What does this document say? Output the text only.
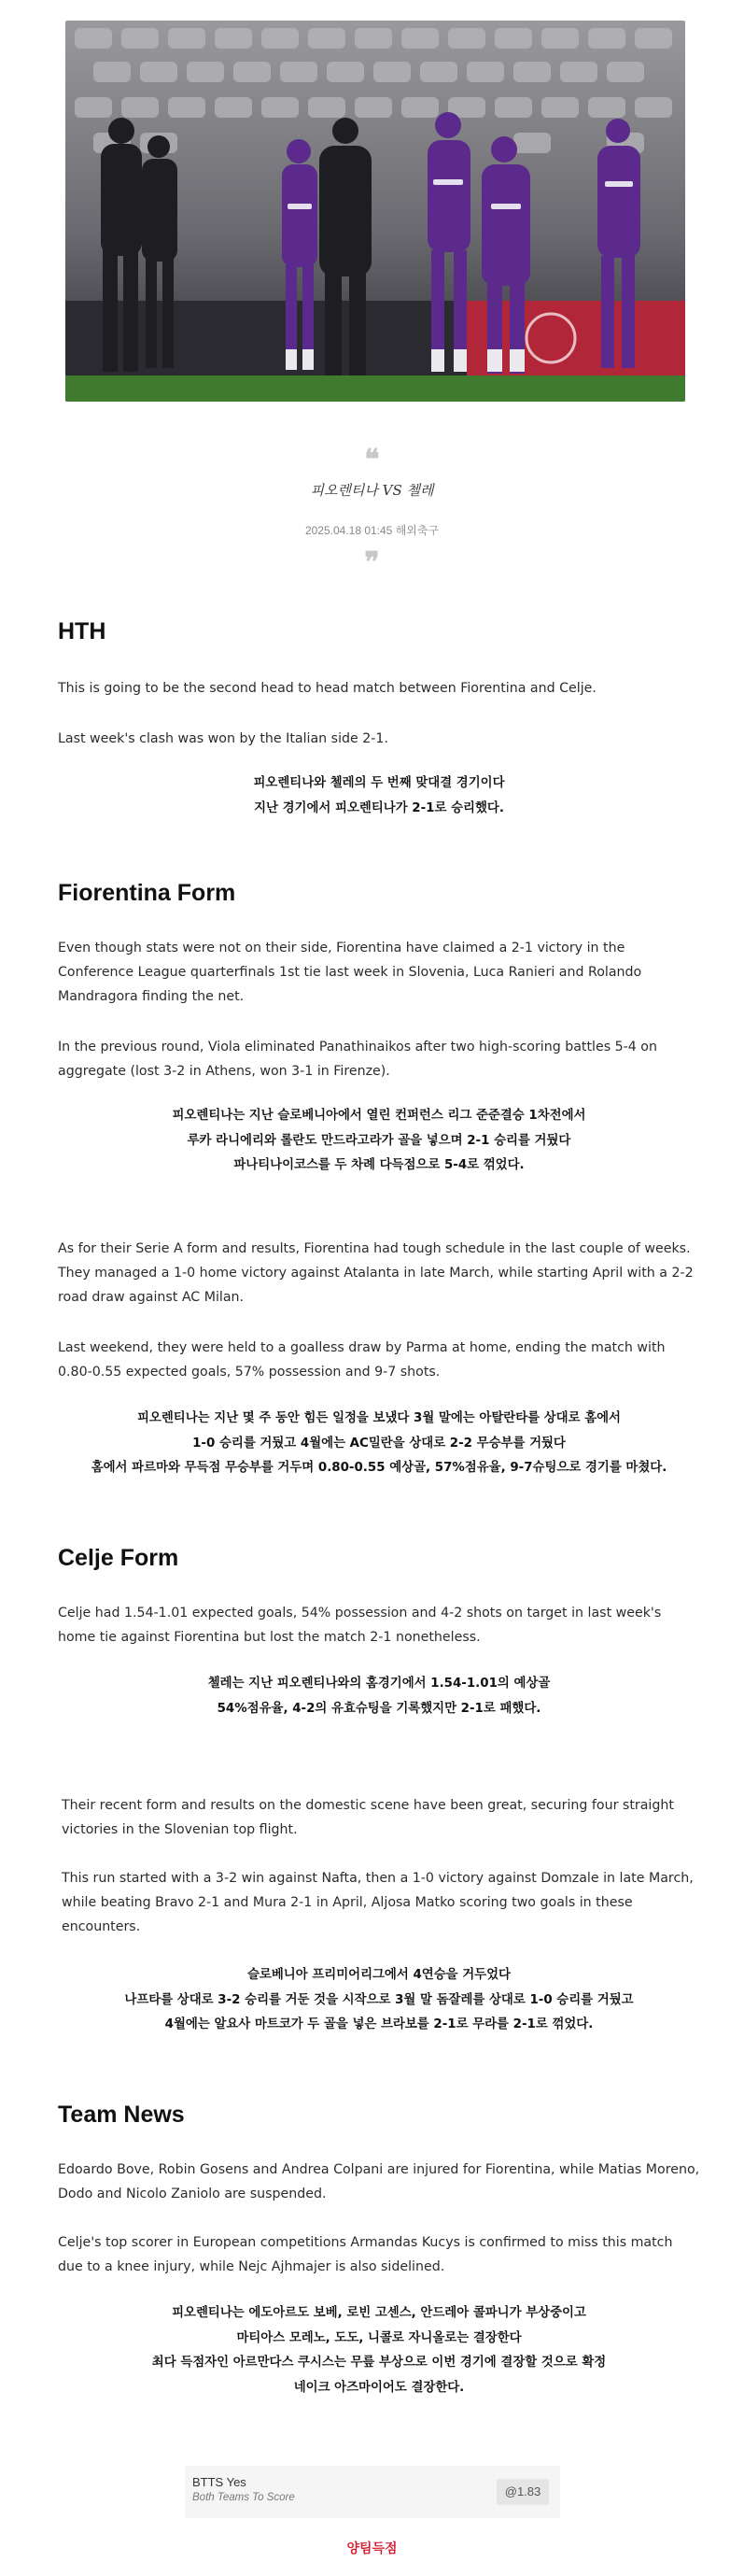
❝
피오렌티나 VS 첼레
2025.04.18 01:45 해외축구
❞
HTH

This is going to be the second head to head match between Fiorentina and Celje.

Last week's clash was won by the Italian side 2-1.

피오렌티나와 첼레의 두 번째 맞대결 경기이다

지난 경기에서 피오렌티나가 2-1로 승리했다.

Fiorentina Form

Even though stats were not on their side, Fiorentina have claimed a 2-1 victory in the Conference League quarterfinals 1st tie last week in Slovenia, Luca Ranieri and Rolando Mandragora finding the net.

In the previous round, Viola eliminated Panathinaikos after two high-scoring battles 5-4 on aggregate (lost 3-2 in Athens, won 3-1 in Firenze).

피오렌티나는 지난 슬로베니아에서 열린 컨퍼런스 리그 준준결승 1차전에서

루카 라니에리와 롤란도 만드라고라가 골을 넣으며 2-1 승리를 거뒀다

파나티나이코스를 두 차례 다득점으로 5-4로 꺾었다.

As for their Serie A form and results, Fiorentina had tough schedule in the last couple of weeks. They managed a 1-0 home victory against Atalanta in late March, while starting April with a 2-2 road draw against AC Milan.

Last weekend, they were held to a goalless draw by Parma at home, ending the match with 0.80-0.55 expected goals, 57% possession and 9-7 shots.

피오렌티나는 지난 몇 주 동안 힘든 일정을 보냈다 3월 말에는 아탈란타를 상대로 홈에서

1-0 승리를 거뒀고 4월에는 AC밀란을 상대로 2-2 무승부를 거뒀다

홈에서 파르마와 무득점 무승부를 거두며 0.80-0.55 예상골, 57%점유율, 9-7슈팅으로 경기를 마쳤다.

Celje Form

Celje had 1.54-1.01 expected goals, 54% possession and 4-2 shots on target in last week's home tie against Fiorentina but lost the match 2-1 nonetheless.

첼레는 지난 피오렌티나와의 홈경기에서 1.54-1.01의 예상골

54%점유율, 4-2의 유효슈팅을 기록했지만 2-1로 패했다.

Their recent form and results on the domestic scene have been great, securing four straight victories in the Slovenian top flight.

This run started with a 3-2 win against Nafta, then a 1-0 victory against Domzale in late March, while beating Bravo 2-1 and Mura 2-1 in April, Aljosa Matko scoring two goals in these encounters.

슬로베니아 프리미어리그에서 4연승을 거두었다

나프타를 상대로 3-2 승리를 거둔 것을 시작으로 3월 말 돔잘레를 상대로 1-0 승리를 거뒀고

4월에는 알요사 마트코가 두 골을 넣은 브라보를 2-1로 무라를 2-1로 꺾었다.

Team News

Edoardo Bove, Robin Gosens and Andrea Colpani are injured for Fiorentina, while Matias Moreno, Dodo and Nicolo Zaniolo are suspended.

Celje's top scorer in European competitions Armandas Kucys is confirmed to miss this match due to a knee injury, while Nejc Ajhmajer is also sidelined.

피오렌티나는 에도아르도 보베, 로빈 고센스, 안드레아 콜파니가 부상중이고

마티아스 모레노, 도도, 니콜로 자니올로는 결장한다

최다 득점자인 아르만다스 쿠시스는 무릎 부상으로 이번 경기에 결장할 것으로 확정

네이크 아즈마이어도 결장한다.

BTTS Yes
Both Teams To Score	@1.83
양팀득점
